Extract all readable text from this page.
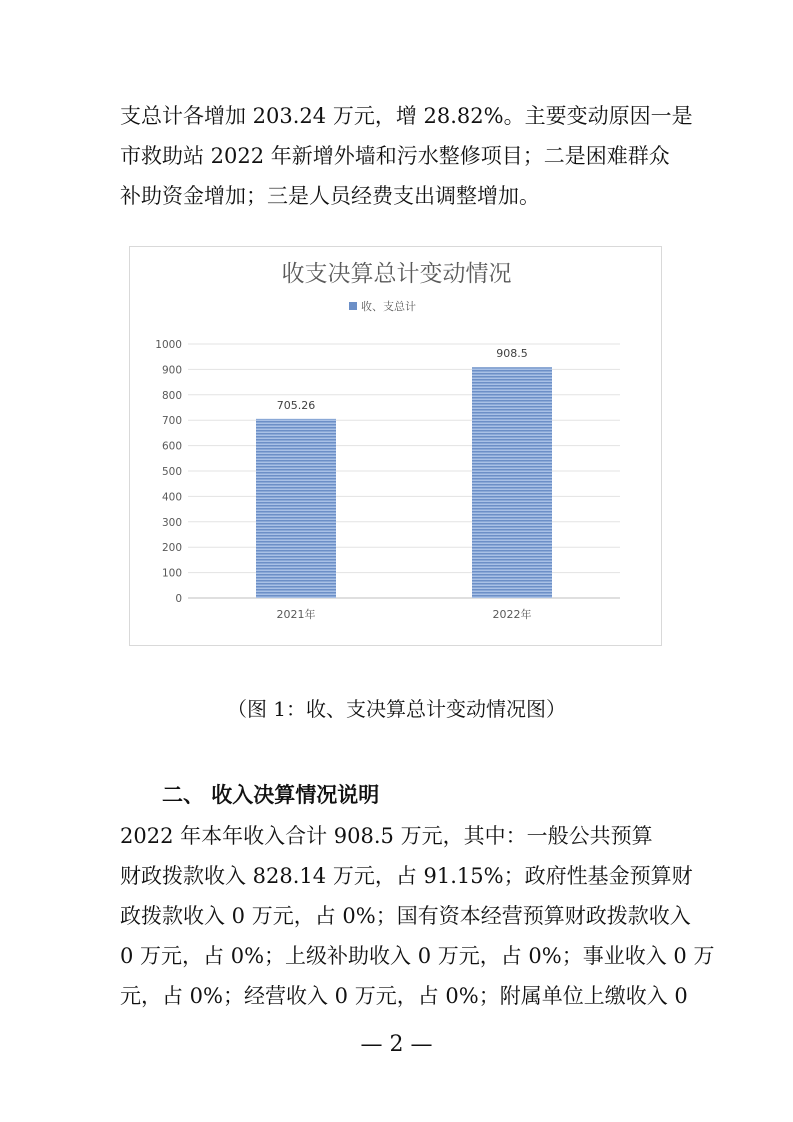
支总计各增加 203.24 万元，增 28.82%。主要变动原因一是
市救助站 2022 年新增外墙和污水整修项目；二是困难群众
补助资金增加；三是人员经费支出调整增加。
收支决算总计变动情况
收、支总计
0
100
200
300
400
500
600
700
800
900
1000
705.26
2021年
908.5
2022年
（图 1：收、支决算总计变动情况图）
二、 收入决算情况说明
2022 年本年收入合计 908.5 万元，其中：一般公共预算
财政拨款收入 828.14 万元，占 91.15%；政府性基金预算财
政拨款收入 0 万元，占 0%；国有资本经营预算财政拨款收入
0 万元，占 0%；上级补助收入 0 万元，占 0%；事业收入 0 万
元，占 0%；经营收入 0 万元，占 0%；附属单位上缴收入 0
— 2 —
